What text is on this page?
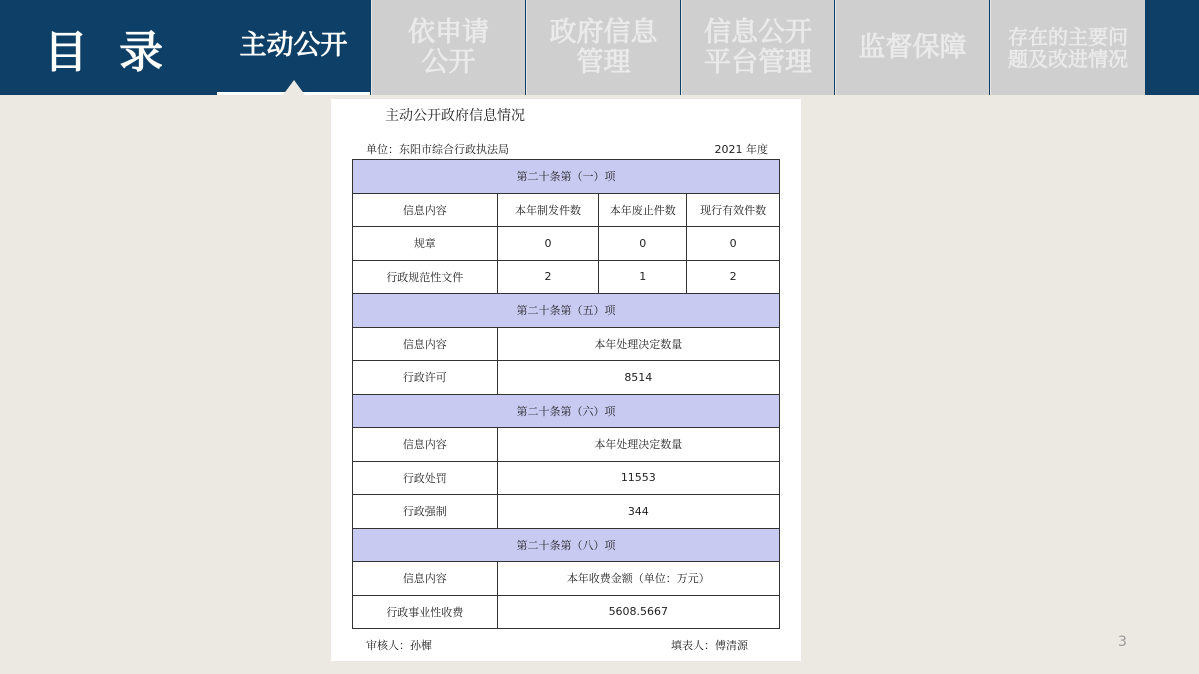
目 录	主动公开 依申请
公开
政府信息
管理
信息公开
平台管理 监督保障 存在的主要问
题及改进情况
主动公开政府信息情况
单位：东阳市综合行政执法局	2021 年度
第二十条第（一）项			
信息内容	本年制发件数	本年废止件数	现行有效件数
规章	0	0	0
行政规范性文件	2	1	2
第二十条第（五）项			
信息内容	本年处理决定数量		
行政许可	8514		
第二十条第（六）项			
信息内容	本年处理决定数量		
行政处罚	11553		
行政强制	344		
第二十条第（八）项			
信息内容	本年收费金额（单位：万元）		
行政事业性收费	5608.5667		
审核人：孙樨	填表人：傅清源	3
